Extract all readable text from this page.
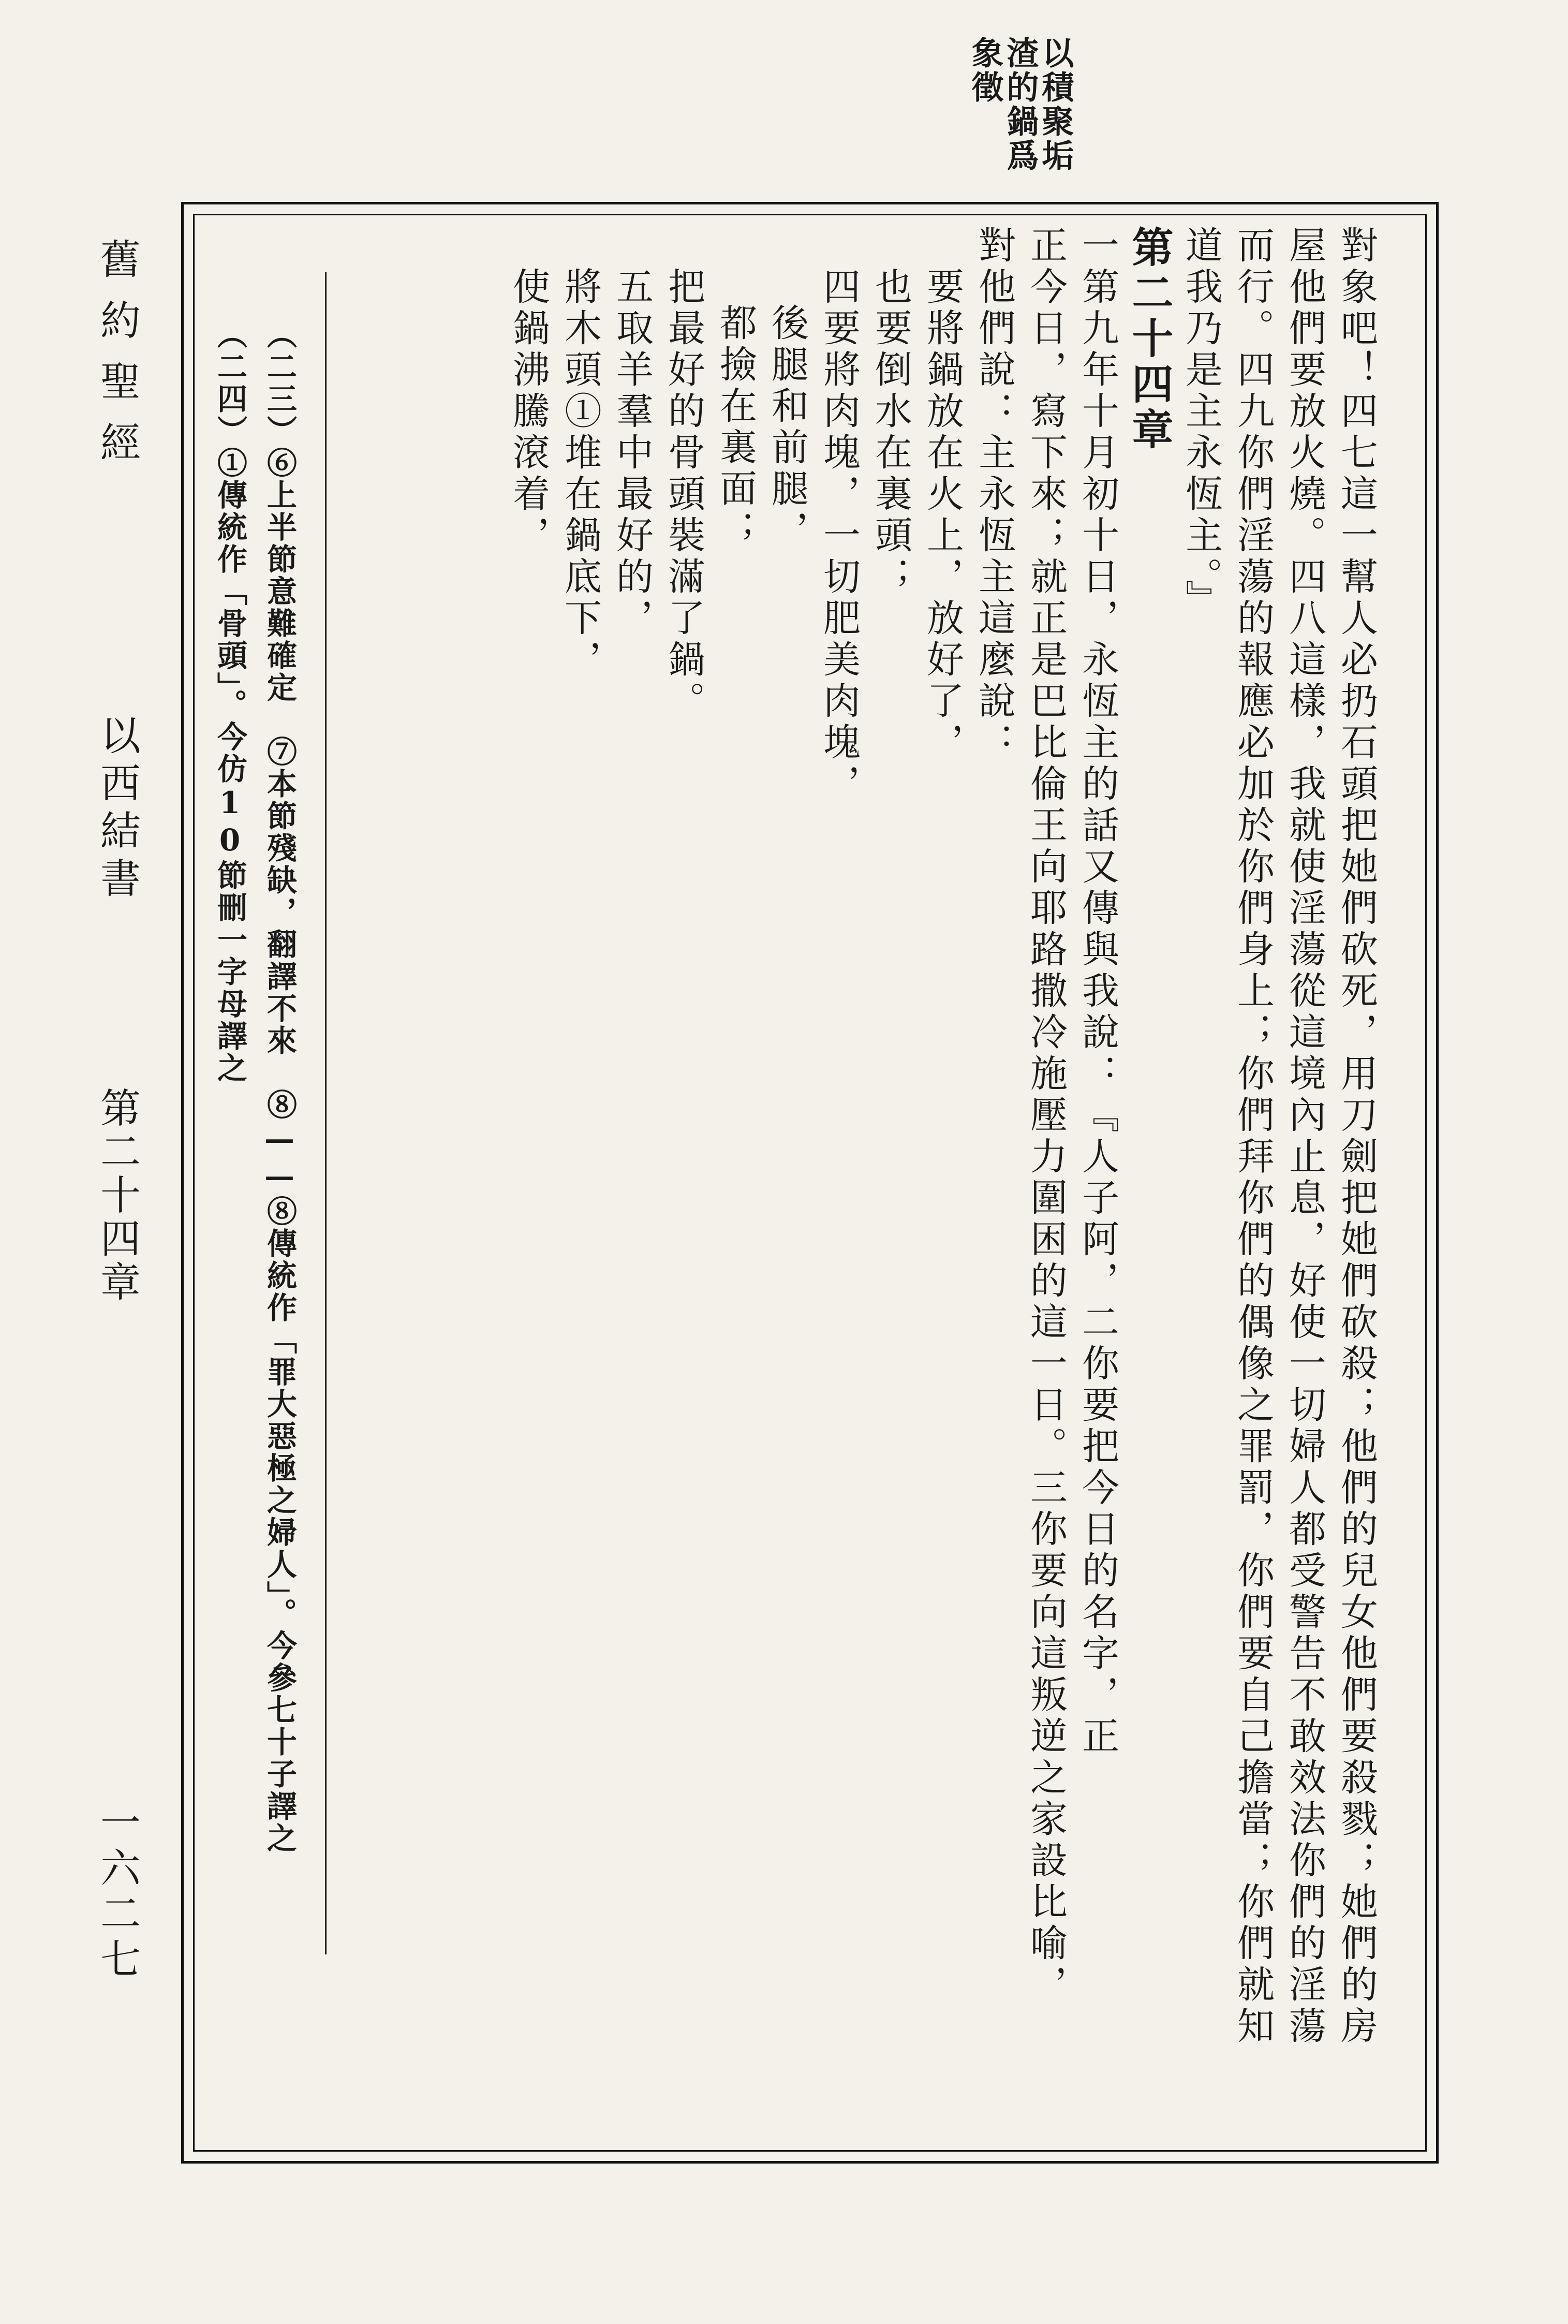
以積聚垢
渣的鍋爲
象徵
舊約聖經
以西結書
第二十四章
一六二七	對象吧！四七這一幫人必扔石頭把她們砍死，用刀劍把她們砍殺；他們的兒女他們要殺戮；她們的房
屋他們要放火燒。四八這樣，我就使淫蕩從這境內止息，好使一切婦人都受警告不敢效法你們的淫蕩
而行。四九你們淫蕩的報應必加於你們身上；你們拜你們的偶像之罪罰，你們要自己擔當；你們就知
道我乃是主永恆主。』
第二十四章
一第九年十月初十日，永恆主的話又傳與我說：『人子阿，二你要把今日的名字，正
正今日，寫下來；就正是巴比倫王向耶路撒冷施壓力圍困的這一日。三你要向這叛逆之家設比喻，
對他們說：主永恆主這麼說：
要將鍋放在火上，放好了，
也要倒水在裏頭；
四要將肉塊，一切肥美肉塊，
後腿和前腿，
都撿在裏面；
把最好的骨頭裝滿了鍋。
五取羊羣中最好的，
將木頭①堆在鍋底下，
使鍋沸騰滾着，
（二三）⑥上半節意難確定　⑦本節殘缺，翻譯不來　⑧——⑧傳統作「罪大惡極之婦人」。今參七十子譯之
（二四）①傳統作「骨頭」。今仿10節刪一字母譯之
